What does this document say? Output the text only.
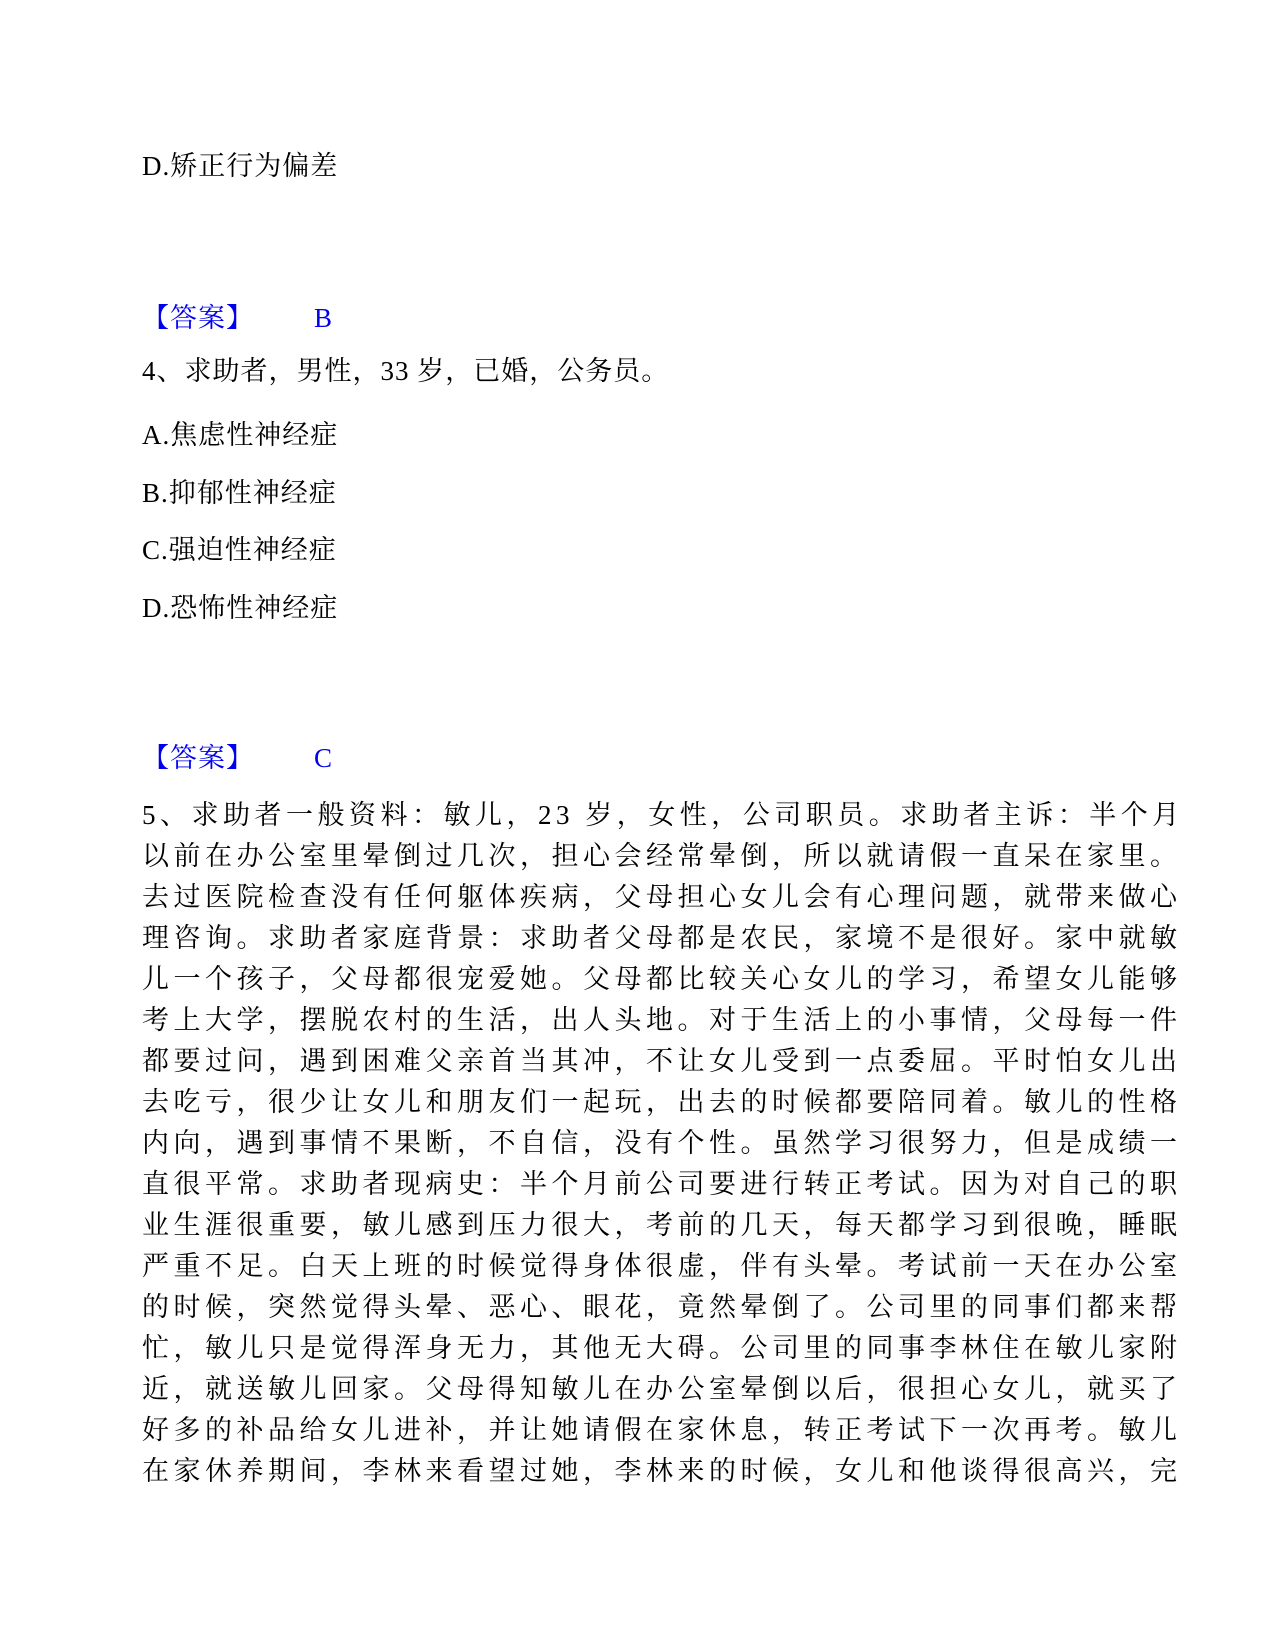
D.矫正行为偏差

【答案】 B

4、求助者，男性，33 岁，已婚，公务员。

A.焦虑性神经症

B.抑郁性神经症

C.强迫性神经症

D.恐怖性神经症

【答案】 C

5、求助者一般资料：敏儿，23 岁，女性，公司职员。求助者主诉：半个月以前在办公室里晕倒过几次，担心会经常晕倒，所以就请假一直呆在家里。去过医院检查没有任何躯体疾病，父母担心女儿会有心理问题，就带来做心理咨询。求助者家庭背景：求助者父母都是农民，家境不是很好。家中就敏儿一个孩子，父母都很宠爱她。父母都比较关心女儿的学习，希望女儿能够考上大学，摆脱农村的生活，出人头地。对于生活上的小事情，父母每一件都要过问，遇到困难父亲首当其冲，不让女儿受到一点委屈。平时怕女儿出去吃亏，很少让女儿和朋友们一起玩，出去的时候都要陪同着。敏儿的性格内向，遇到事情不果断，不自信，没有个性。虽然学习很努力，但是成绩一直很平常。求助者现病史：半个月前公司要进行转正考试。因为对自己的职业生涯很重要，敏儿感到压力很大，考前的几天，每天都学习到很晚，睡眠严重不足。白天上班的时候觉得身体很虚，伴有头晕。考试前一天在办公室的时候，突然觉得头晕、恶心、眼花，竟然晕倒了。公司里的同事们都来帮忙，敏儿只是觉得浑身无力，其他无大碍。公司里的同事李林住在敏儿家附近，就送敏儿回家。父母得知敏儿在办公室晕倒以后，很担心女儿，就买了好多的补品给女儿进补，并让她请假在家休息，转正考试下一次再考。敏儿在家休养期间，李林来看望过她，李林来的时候，女儿和他谈得很高兴，完
